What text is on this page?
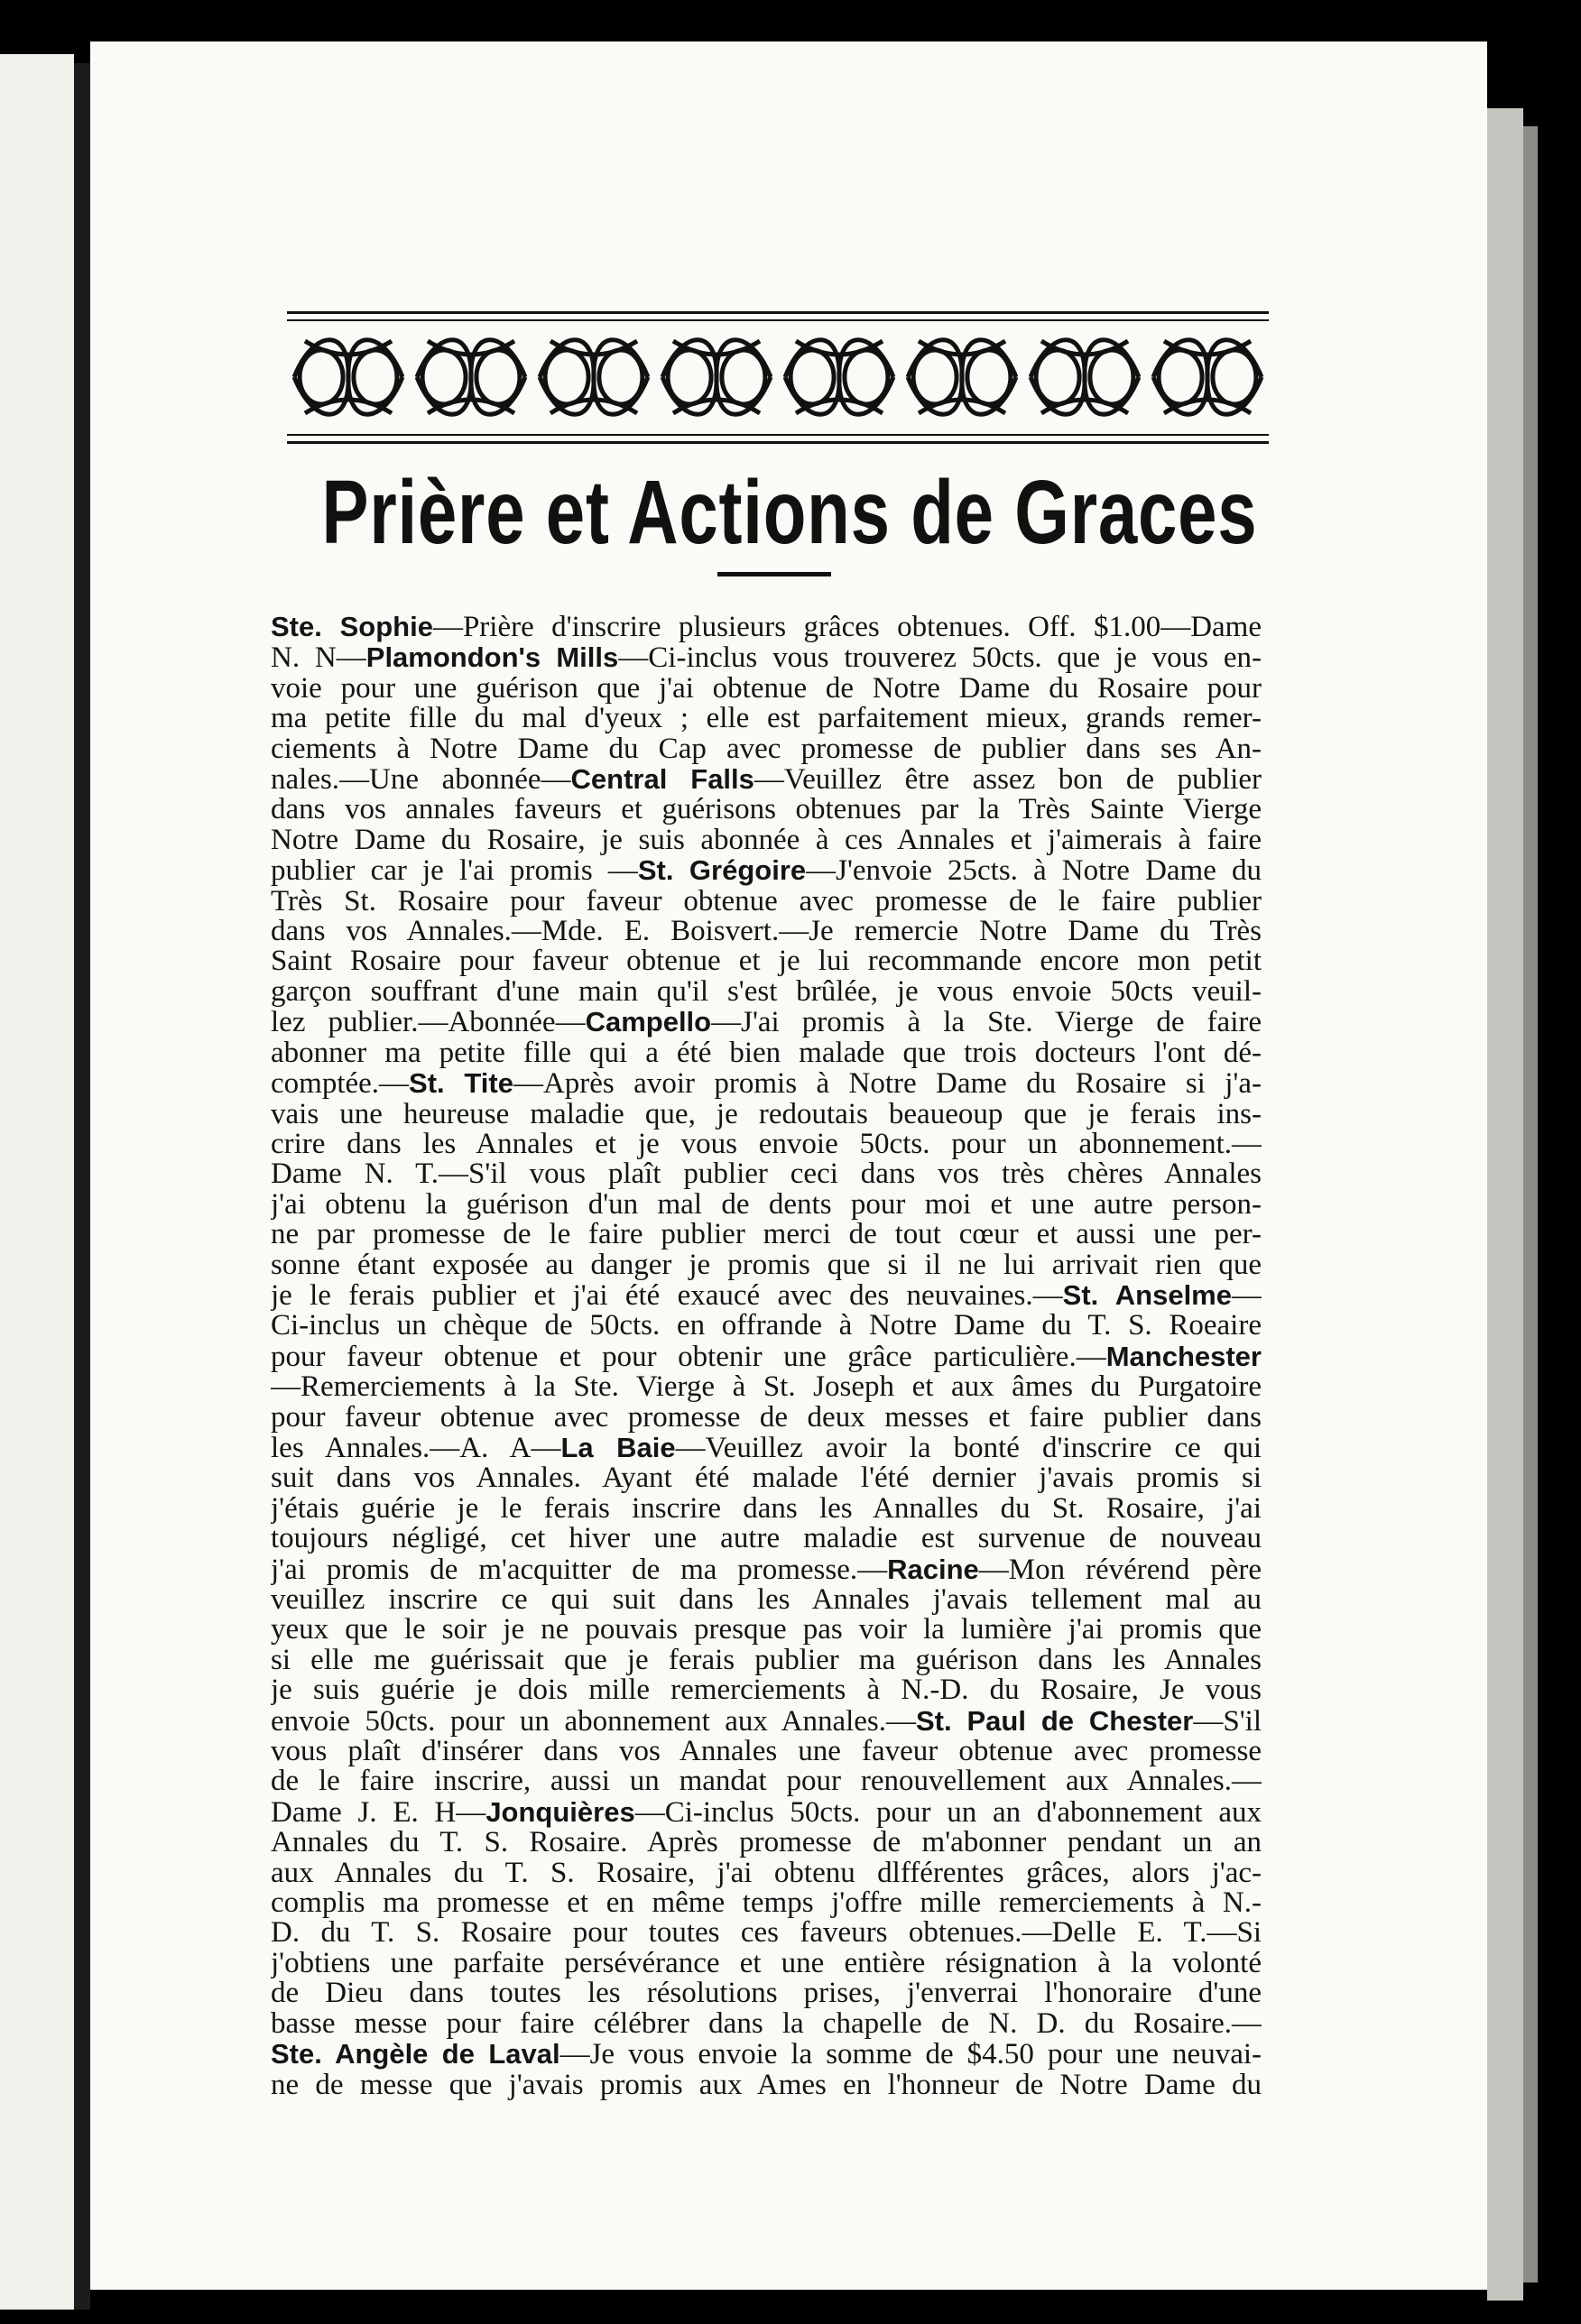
Prière et Actions de Graces
Ste. Sophie—Prière d'inscrire plusieurs grâces obtenues. Off. $1.00—Dame
N. N—Plamondon's Mills—Ci-inclus vous trouverez 50cts. que je vous en-
voie pour une guérison que j'ai obtenue de Notre Dame du Rosaire pour
ma petite fille du mal d'yeux ; elle est parfaitement mieux, grands remer-
ciements à Notre Dame du Cap avec promesse de publier dans ses An-
nales.—Une abonnée—Central Falls—Veuillez être assez bon de publier
dans vos annales faveurs et guérisons obtenues par la Très Sainte Vierge
Notre Dame du Rosaire, je suis abonnée à ces Annales et j'aimerais à faire
publier car je l'ai promis —St. Grégoire—J'envoie 25cts. à Notre Dame du
Très St. Rosaire pour faveur obtenue avec promesse de le faire publier
dans vos Annales.—Mde. E. Boisvert.—Je remercie Notre Dame du Très
Saint Rosaire pour faveur obtenue et je lui recommande encore mon petit
garçon souffrant d'une main qu'il s'est brûlée, je vous envoie 50cts veuil-
lez publier.—Abonnée—Campello—J'ai promis à la Ste. Vierge de faire
abonner ma petite fille qui a été bien malade que trois docteurs l'ont dé-
comptée.—St. Tite—Après avoir promis à Notre Dame du Rosaire si j'a-
vais une heureuse maladie que, je redoutais beaueoup que je ferais ins-
crire dans les Annales et je vous envoie 50cts. pour un abonnement.—
Dame N. T.—S'il vous plaît publier ceci dans vos très chères Annales
j'ai obtenu la guérison d'un mal de dents pour moi et une autre person-
ne par promesse de le faire publier merci de tout cœur et aussi une per-
sonne étant exposée au danger je promis que si il ne lui arrivait rien que
je le ferais publier et j'ai été exaucé avec des neuvaines.—St. Anselme—
Ci-inclus un chèque de 50cts. en offrande à Notre Dame du T. S. Roeaire
pour faveur obtenue et pour obtenir une grâce particulière.—Manchester
—Remerciements à la Ste. Vierge à St. Joseph et aux âmes du Purgatoire
pour faveur obtenue avec promesse de deux messes et faire publier dans
les Annales.—A. A—La Baie—Veuillez avoir la bonté d'inscrire ce qui
suit dans vos Annales. Ayant été malade l'été dernier j'avais promis si
j'étais guérie je le ferais inscrire dans les Annalles du St. Rosaire, j'ai
toujours négligé, cet hiver une autre maladie est survenue de nouveau
j'ai promis de m'acquitter de ma promesse.—Racine—Mon révérend père
veuillez inscrire ce qui suit dans les Annales j'avais tellement mal au
yeux que le soir je ne pouvais presque pas voir la lumière j'ai promis que
si elle me guérissait que je ferais publier ma guérison dans les Annales
je suis guérie je dois mille remerciements à N.-D. du Rosaire, Je vous
envoie 50cts. pour un abonnement aux Annales.—St. Paul de Chester—S'il
vous plaît d'insérer dans vos Annales une faveur obtenue avec promesse
de le faire inscrire, aussi un mandat pour renouvellement aux Annales.—
Dame J. E. H—Jonquières—Ci-inclus 50cts. pour un an d'abonnement aux
Annales du T. S. Rosaire. Après promesse de m'abonner pendant un an
aux Annales du T. S. Rosaire, j'ai obtenu dlfférentes grâces, alors j'ac-
complis ma promesse et en même temps j'offre mille remerciements à N.-
D. du T. S. Rosaire pour toutes ces faveurs obtenues.—Delle E. T.—Si
j'obtiens une parfaite persévérance et une entière résignation à la volonté
de Dieu dans toutes les résolutions prises, j'enverrai l'honoraire d'une
basse messe pour faire célébrer dans la chapelle de N. D. du Rosaire.—
Ste. Angèle de Laval—Je vous envoie la somme de $4.50 pour une neuvai-
ne de messe que j'avais promis aux Ames en l'honneur de Notre Dame du
